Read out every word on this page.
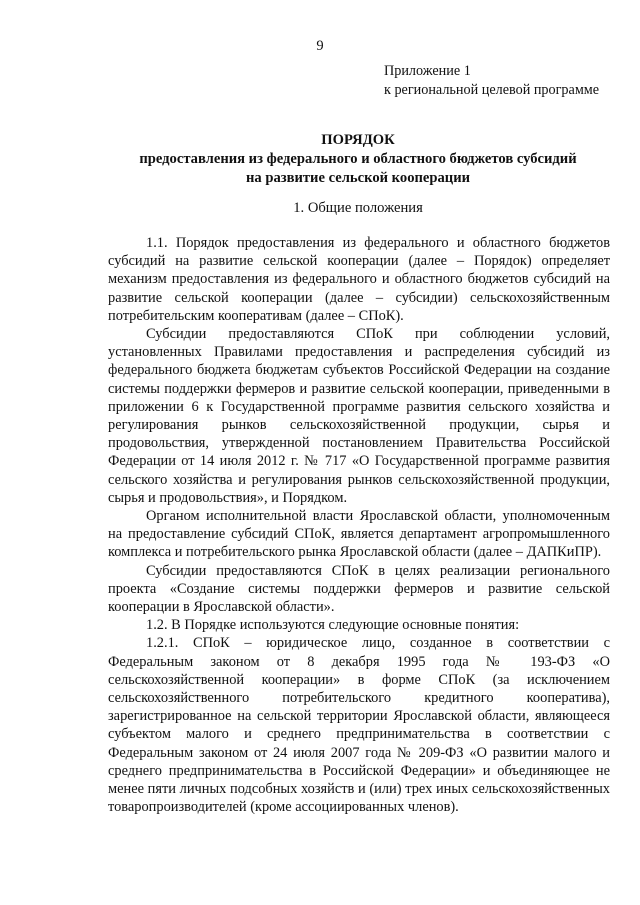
9
Приложение 1
к региональной целевой программе
ПОРЯДОК
предоставления из федерального и областного бюджетов субсидий
на развитие сельской кооперации
1. Общие положения

1.1. Порядок предоставления из федерального и областного бюджетов субсидий на развитие сельской кооперации (далее – Порядок) определяет механизм предоставления из федерального и областного бюджетов субсидий на развитие сельской кооперации (далее – субсидии) сельскохозяйственным потребительским кооперативам (далее – СПоК).

Субсидии предоставляются СПоК при соблюдении условий, установленных Правилами предоставления и распределения субсидий из федерального бюджета бюджетам субъектов Российской Федерации на создание системы поддержки фермеров и развитие сельской кооперации, приведенными в приложении 6 к Государственной программе развития сельского хозяйства и регулирования рынков сельскохозяйственной продукции, сырья и продовольствия, утвержденной постановлением Правительства Российской Федерации от 14 июля 2012 г. № 717 «О Государственной программе развития сельского хозяйства и регулирования рынков сельскохозяйственной продукции, сырья и продовольствия», и Порядком.

Органом исполнительной власти Ярославской области, уполномоченным на предоставление субсидий СПоК, является департамент агропромышленного комплекса и потребительского рынка Ярославской области (далее – ДАПКиПР).

Субсидии предоставляются СПоК в целях реализации регионального проекта «Создание системы поддержки фермеров и развитие сельской кооперации в Ярославской области».

1.2. В Порядке используются следующие основные понятия:

1.2.1. СПоК – юридическое лицо, созданное в соответствии с Федеральным законом от 8 декабря 1995 года № 193-ФЗ «О сельскохозяйственной кооперации» в форме СПоК (за исключением сельскохозяйственного потребительского кредитного кооператива), зарегистрированное на сельской территории Ярославской области, являющееся субъектом малого и среднего предпринимательства в соответствии с Федеральным законом от 24 июля 2007 года № 209-ФЗ «О развитии малого и среднего предпринимательства в Российской Федерации» и объединяющее не менее пяти личных подсобных хозяйств и (или) трех иных сельскохозяйственных товаропроизводителей (кроме ассоциированных членов).
